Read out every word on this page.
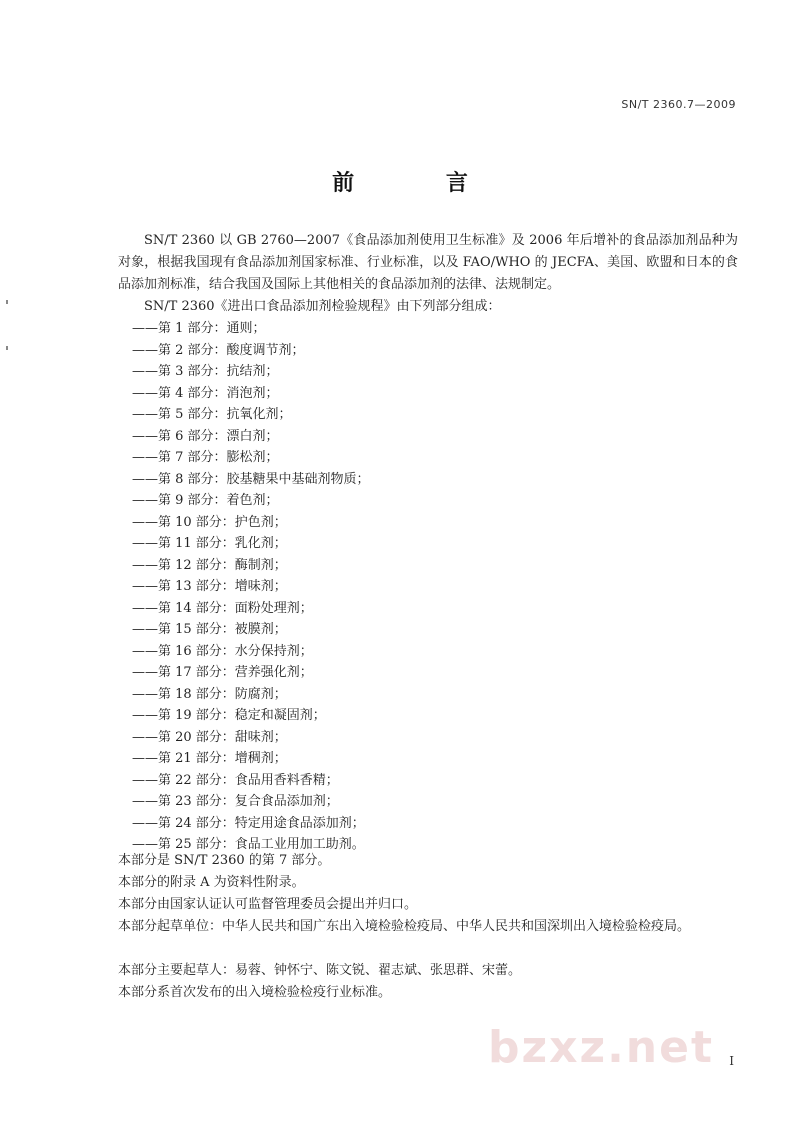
SN/T 2360.7—2009
前 言
SN/T 2360 以 GB 2760—2007《食品添加剂使用卫生标准》及 2006 年后增补的食品添加剂品种为对象，根据我国现有食品添加剂国家标准、行业标准，以及 FAO/WHO 的 JECFA、美国、欧盟和日本的食品添加剂标准，结合我国及国际上其他相关的食品添加剂的法律、法规制定。
SN/T 2360《进出口食品添加剂检验规程》由下列部分组成：
——第 1 部分：通则；
——第 2 部分：酸度调节剂；
——第 3 部分：抗结剂；
——第 4 部分：消泡剂；
——第 5 部分：抗氧化剂；
——第 6 部分：漂白剂；
——第 7 部分：膨松剂；
——第 8 部分：胶基糖果中基础剂物质；
——第 9 部分：着色剂；
——第 10 部分：护色剂；
——第 11 部分：乳化剂；
——第 12 部分：酶制剂；
——第 13 部分：增味剂；
——第 14 部分：面粉处理剂；
——第 15 部分：被膜剂；
——第 16 部分：水分保持剂；
——第 17 部分：营养强化剂；
——第 18 部分：防腐剂；
——第 19 部分：稳定和凝固剂；
——第 20 部分：甜味剂；
——第 21 部分：增稠剂；
——第 22 部分：食品用香料香精；
——第 23 部分：复合食品添加剂；
——第 24 部分：特定用途食品添加剂；
——第 25 部分：食品工业用加工助剂。
本部分是 SN/T 2360 的第 7 部分。
本部分的附录 A 为资料性附录。
本部分由国家认证认可监督管理委员会提出并归口。
本部分起草单位：中华人民共和国广东出入境检验检疫局、中华人民共和国深圳出入境检验检疫局。
本部分主要起草人：易蓉、钟怀宁、陈文锐、翟志斌、张思群、宋蕾。
本部分系首次发布的出入境检验检疫行业标准。
bzxz.net I
